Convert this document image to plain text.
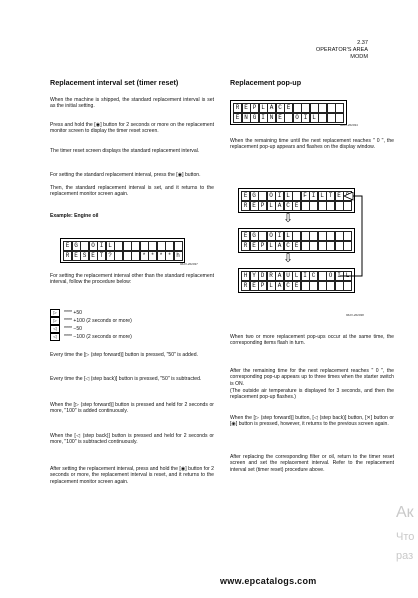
2.37
OPERATOR'S AREA
MODM
Replacement interval set (timer reset)
When the machine is shipped, the standard replacement interval is set as the initial setting.
Press and hold the [◉] button for 2 seconds or more on the replacement monitor screen to display the timer reset screen.
The timer reset screen displays the standard replacement interval.
For setting the standard replacement interval, press the [◉] button.
Then, the standard replacement interval is set, and it returns to the replacement monitor screen again.
Example: Engine oil
E G	O I L
R E S E T ?	* * * * h
962V-262037
For setting the replacement interval other than the standard replacement interval, follow the procedure below:
▷	**** +50
▷	**** +100 (2 seconds or more)
◁	**** −50
◁	**** −100 (2 seconds or more)
Every time the [▷ (step forward)] button is pressed, "50" is added.
Every time the [◁ (step back)] button is pressed, "50" is subtracted.
When the [▷ (step forward)] button is pressed and held for 2 seconds or more, "100" is added continuously.
When the [◁ (step back)] button is pressed and held for 2 seconds or more, "100" is subtracted continuously.
After setting the replacement interval, press and hold the [◉] button for 2 seconds or more, the replacement interval is reset, and it returns to the replacement monitor screen again.
Replacement pop-up
R E P L A C E
E N G I N E	O I L
962V-262034
When the remaining time until the next replacement reaches " 0 ", the replacement pop-up appears and flashes on the display window.
E G	O I L	F I L T E
R E P L A C E
⇩
E G	O I L
R E P L A C E
⇩
H Y D R A U L I C	O I L
R E P L A C E
962V-262038
When two or more replacement pop-ups occur at the same time, the corresponding items flash in turn.
After the remaining time for the next replacement reaches " 0 ", the corresponding pop-up appears up to three times when the starter switch is ON.
(The outside air temperature is displayed for 3 seconds, and then the replacement pop-up flashes.)
When the [▷ (step forward)] button, [◁ (step back)] button, [✕] button or [◉] button is pressed, however, it returns to the previous screen again.
After replacing the corresponding filter or oil, return to the timer reset screen and set the replacement interval. Refer to the replacement interval set (timer reset) procedure above.
Ак
Что
раз
www.epcatalogs.com
